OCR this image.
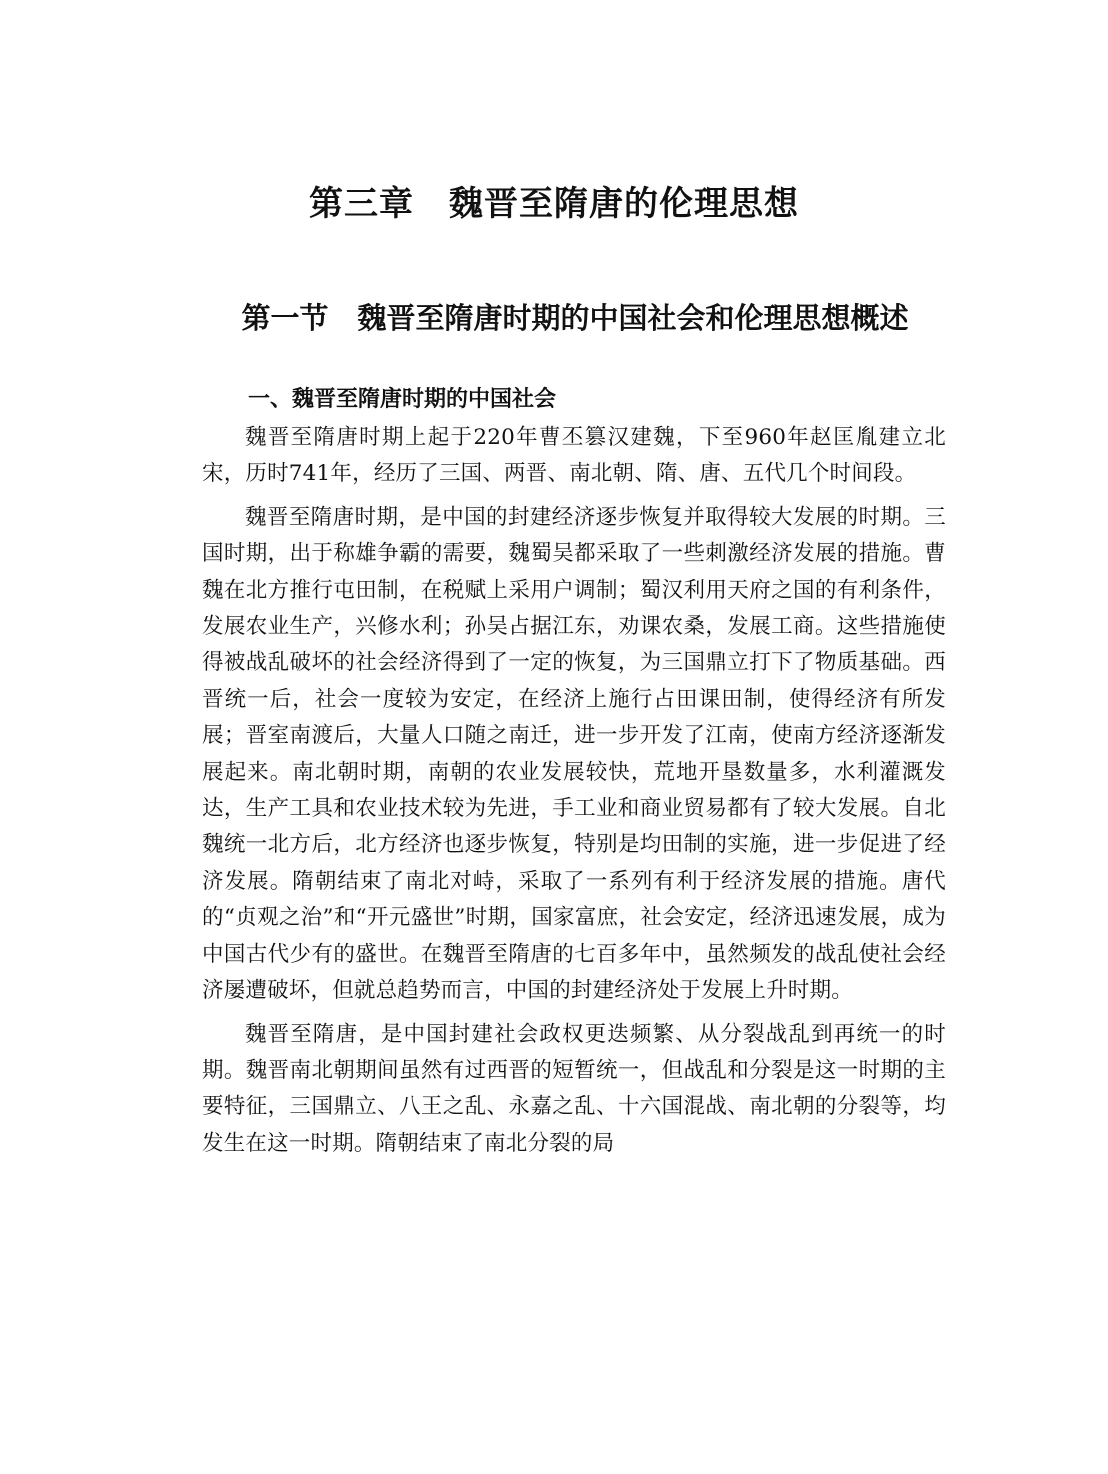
第三章　魏晋至隋唐的伦理思想
第一节　魏晋至隋唐时期的中国社会和伦理思想概述
一、魏晋至隋唐时期的中国社会

魏晋至隋唐时期上起于220年曹丕篡汉建魏，下至960年赵匡胤建立北宋，历时741年，经历了三国、两晋、南北朝、隋、唐、五代几个时间段。

魏晋至隋唐时期，是中国的封建经济逐步恢复并取得较大发展的时期。三国时期，出于称雄争霸的需要，魏蜀吴都采取了一些刺激经济发展的措施。曹魏在北方推行屯田制，在税赋上采用户调制；蜀汉利用天府之国的有利条件，发展农业生产，兴修水利；孙吴占据江东，劝课农桑，发展工商。这些措施使得被战乱破坏的社会经济得到了一定的恢复，为三国鼎立打下了物质基础。西晋统一后，社会一度较为安定，在经济上施行占田课田制，使得经济有所发展；晋室南渡后，大量人口随之南迁，进一步开发了江南，使南方经济逐渐发展起来。南北朝时期，南朝的农业发展较快，荒地开垦数量多，水利灌溉发达，生产工具和农业技术较为先进，手工业和商业贸易都有了较大发展。自北魏统一北方后，北方经济也逐步恢复，特别是均田制的实施，进一步促进了经济发展。隋朝结束了南北对峙，采取了一系列有利于经济发展的措施。唐代的“贞观之治”和“开元盛世”时期，国家富庶，社会安定，经济迅速发展，成为中国古代少有的盛世。在魏晋至隋唐的七百多年中，虽然频发的战乱使社会经济屡遭破坏，但就总趋势而言，中国的封建经济处于发展上升时期。

魏晋至隋唐，是中国封建社会政权更迭频繁、从分裂战乱到再统一的时期。魏晋南北朝期间虽然有过西晋的短暂统一，但战乱和分裂是这一时期的主要特征，三国鼎立、八王之乱、永嘉之乱、十六国混战、南北朝的分裂等，均发生在这一时期。隋朝结束了南北分裂的局
